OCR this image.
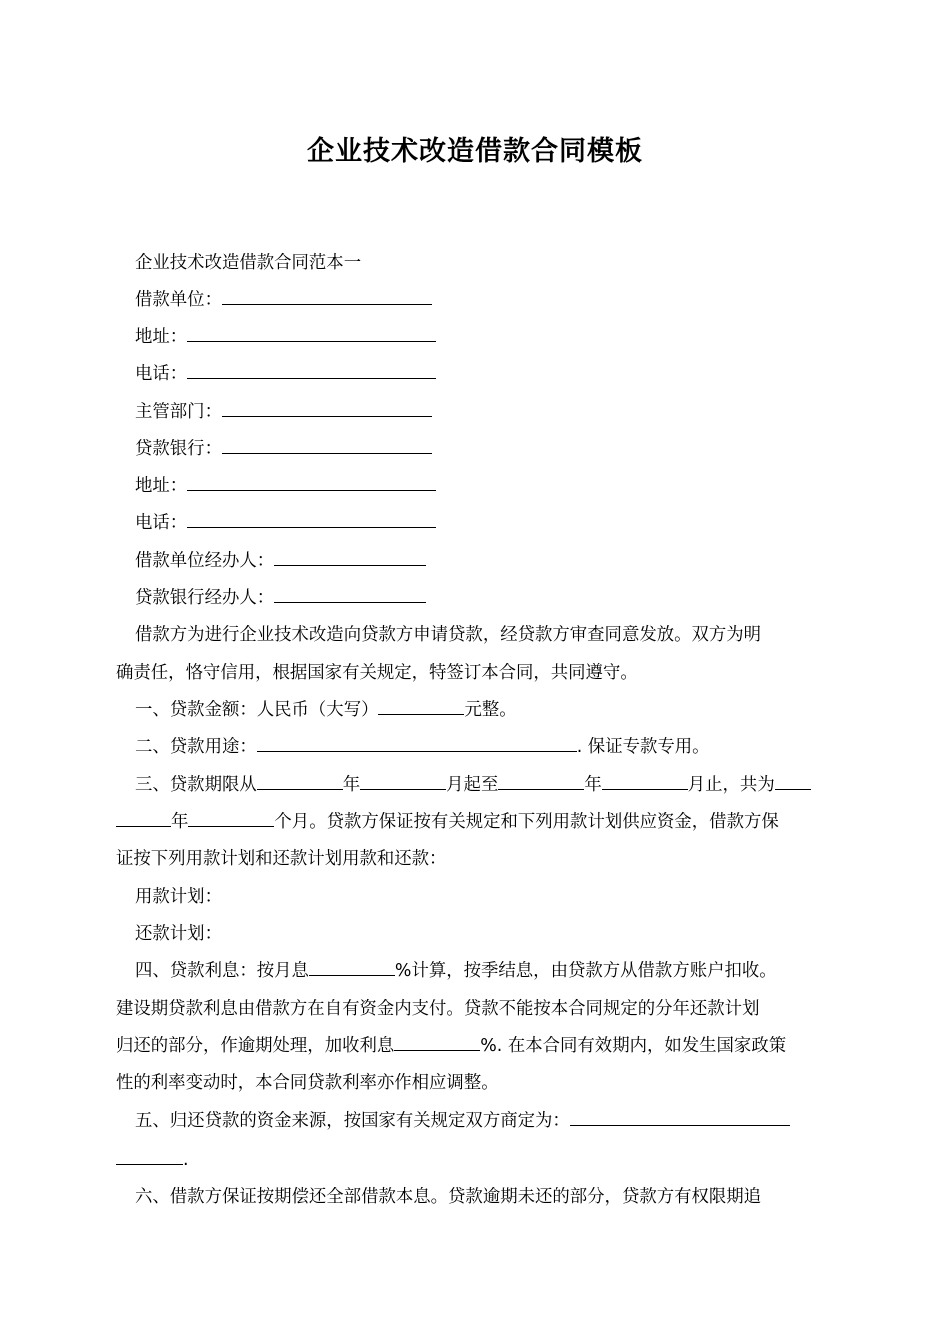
企业技术改造借款合同模板
企业技术改造借款合同范本一
借款单位：
地址：
电话：
主管部门：
贷款银行：
地址：
电话：
借款单位经办人：
贷款银行经办人：
借款方为进行企业技术改造向贷款方申请贷款，经贷款方审查同意发放。双方为明
确责任，恪守信用，根据国家有关规定，特签订本合同，共同遵守。
一、贷款金额：人民币（大写）	元整。
二、贷款用途：	. 保证专款专用。
三、贷款期限从	年	月起至	年	月止，共为
年	个月。贷款方保证按有关规定和下列用款计划供应资金，借款方保
证按下列用款计划和还款计划用款和还款：
用款计划：
还款计划：
四、贷款利息：按月息	%计算，按季结息，由贷款方从借款方账户扣收。
建设期贷款利息由借款方在自有资金内支付。贷款不能按本合同规定的分年还款计划
归还的部分，作逾期处理，加收利息	%. 在本合同有效期内，如发生国家政策
性的利率变动时，本合同贷款利率亦作相应调整。
五、归还贷款的资金来源，按国家有关规定双方商定为：
.
六、借款方保证按期偿还全部借款本息。贷款逾期未还的部分，贷款方有权限期追
